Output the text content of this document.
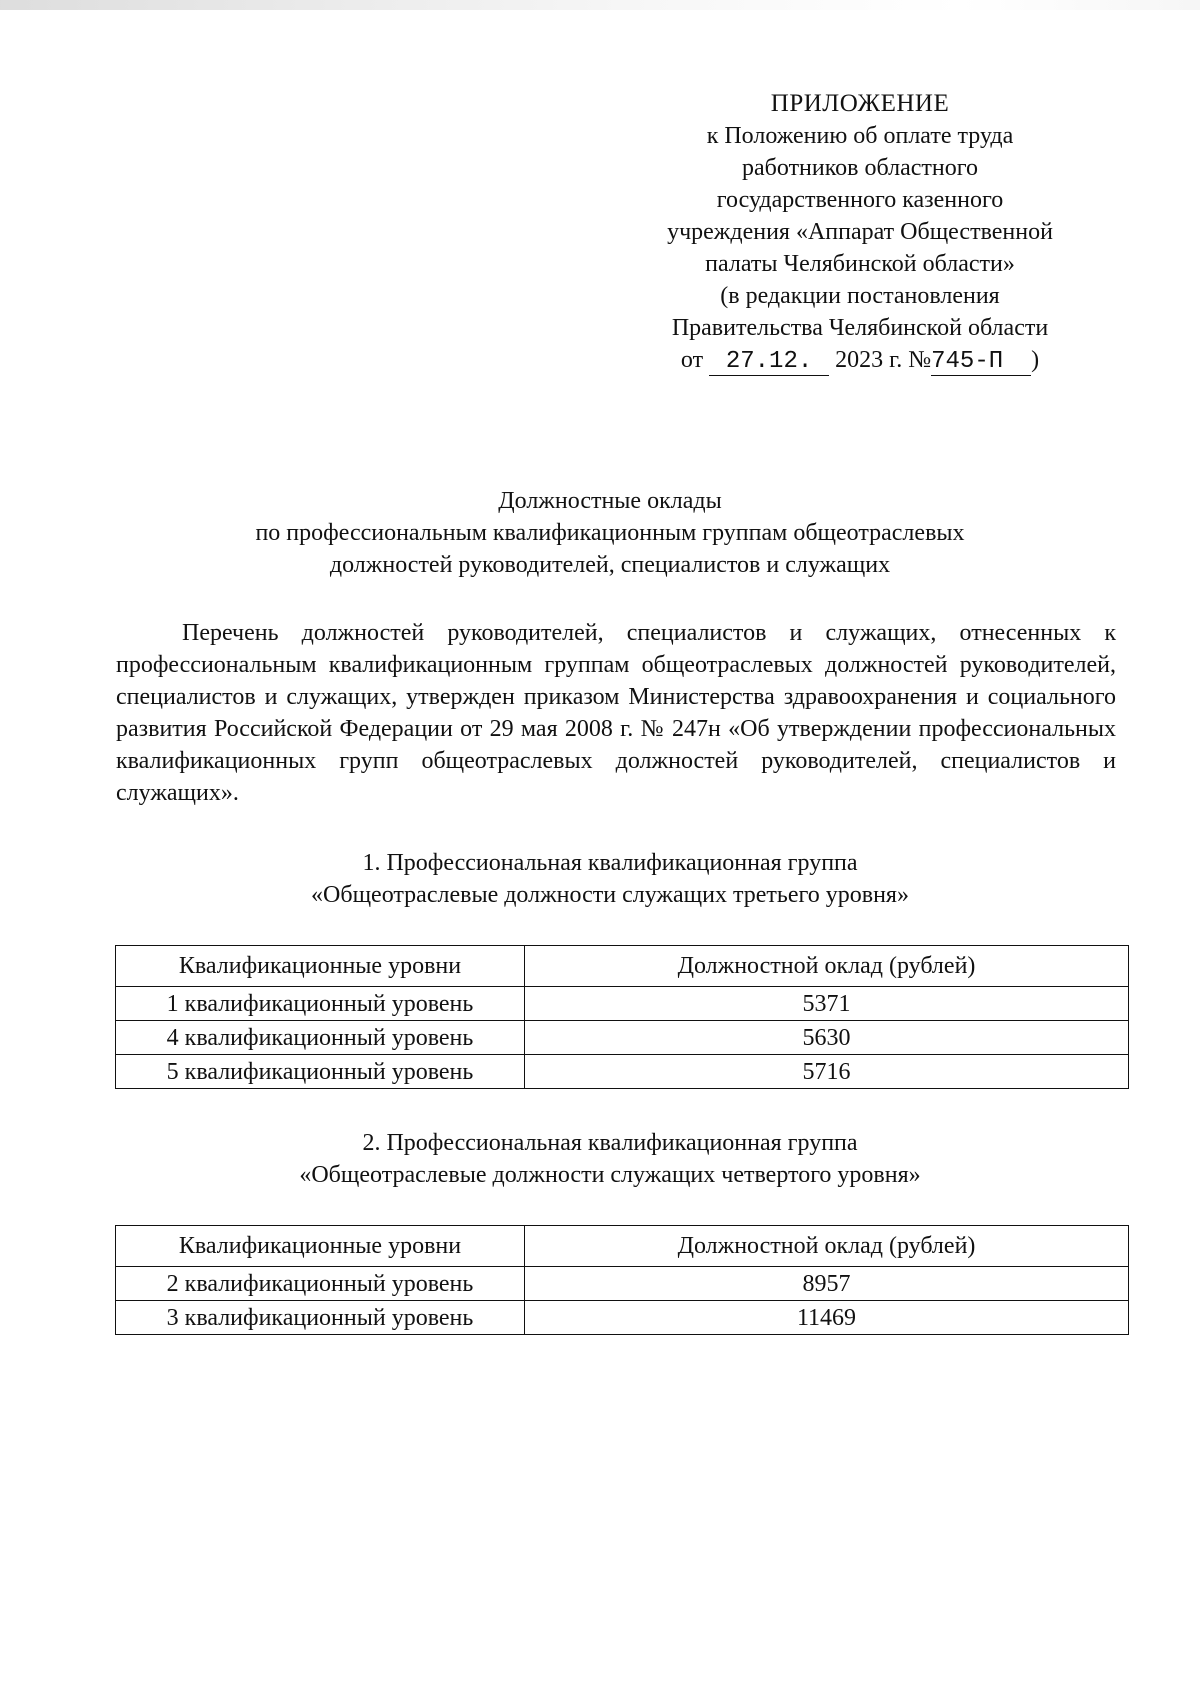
ПРИЛОЖЕНИЕ
к Положению об оплате труда
работников областного
государственного казенного
учреждения «Аппарат Общественной
палаты Челябинской области»
(в редакции постановления
Правительства Челябинской области
от 27.12. 2023 г. №745-П )
Должностные оклады
по профессиональным квалификационным группам общеотраслевых
должностей руководителей, специалистов и служащих
Перечень должностей руководителей, специалистов и служащих, отнесенных к профессиональным квалификационным группам общеотраслевых должностей руководителей, специалистов и служащих, утвержден приказом Министерства здравоохранения и социального развития Российской Федерации от 29 мая 2008 г. № 247н «Об утверждении профессиональных квалификационных групп общеотраслевых должностей руководителей, специалистов и служащих».
1. Профессиональная квалификационная группа
«Общеотраслевые должности служащих третьего уровня»
Квалификационные уровни	Должностной оклад (рублей)
1 квалификационный уровень	5371
4 квалификационный уровень	5630
5 квалификационный уровень	5716
2. Профессиональная квалификационная группа
«Общеотраслевые должности служащих четвертого уровня»
Квалификационные уровни	Должностной оклад (рублей)
2 квалификационный уровень	8957
3 квалификационный уровень	11469
